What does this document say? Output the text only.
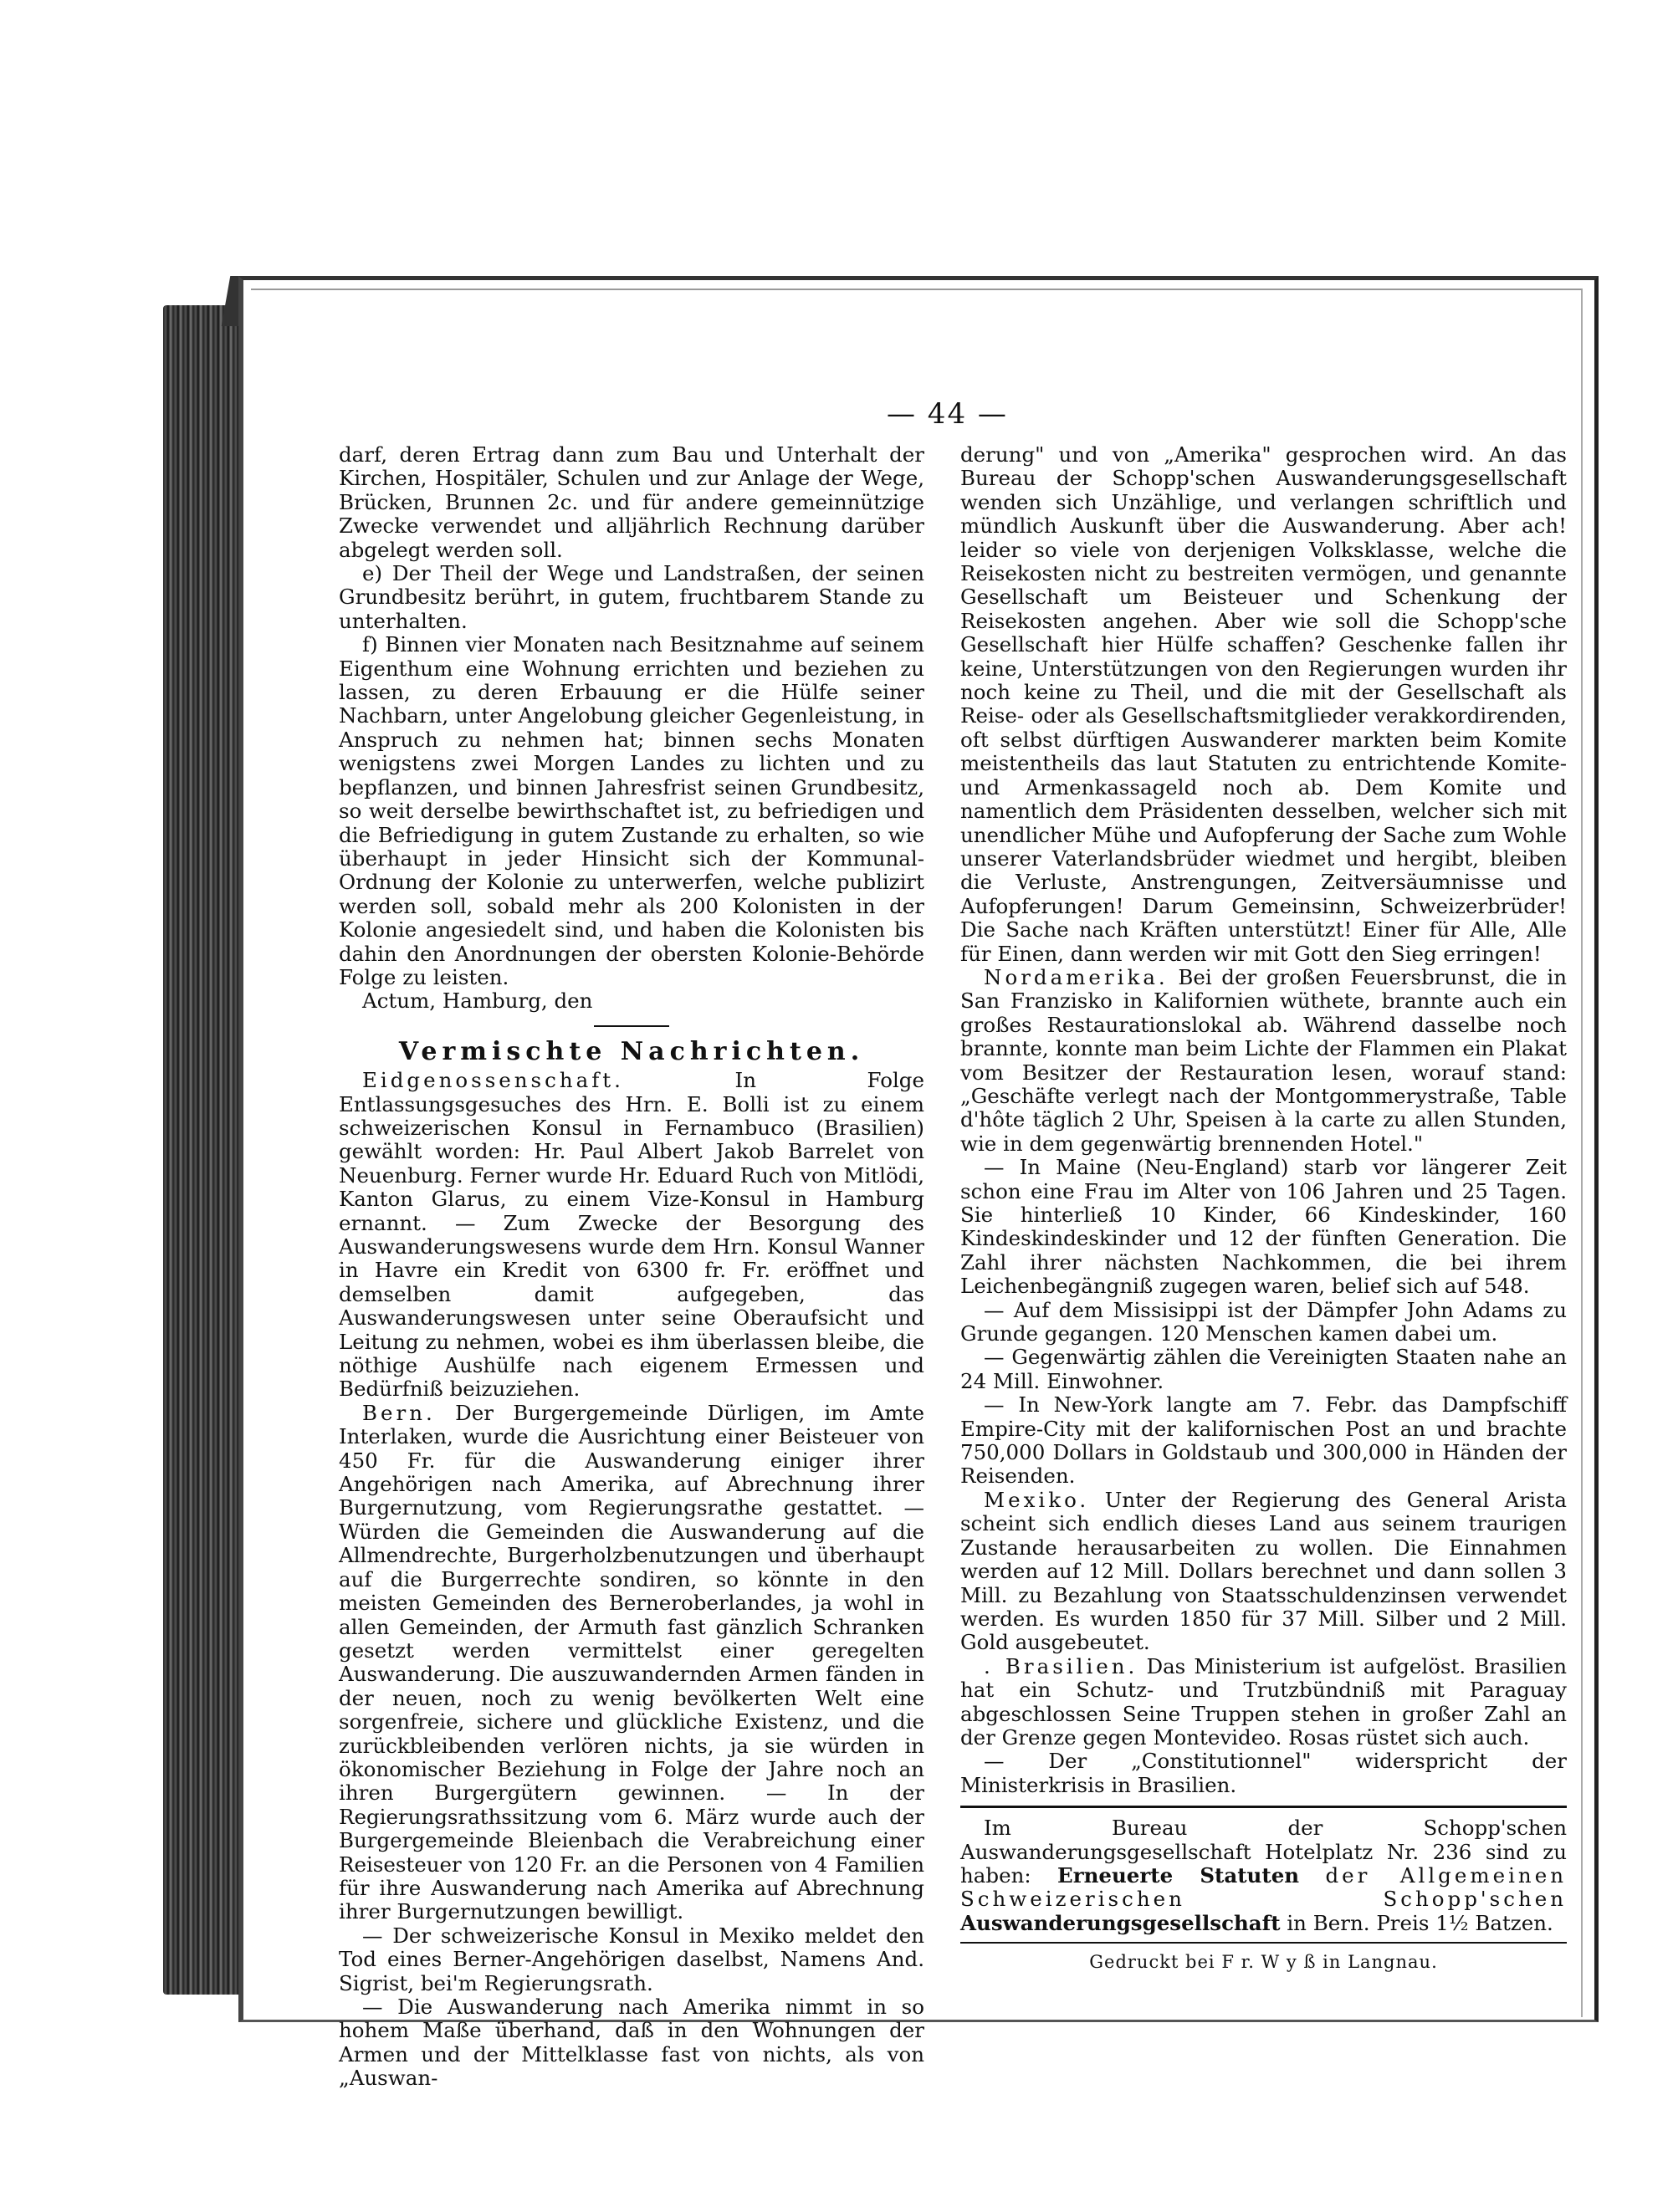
— 44 —

darf, deren Ertrag dann zum Bau und Unterhalt der Kirchen, Hospitäler, Schulen und zur Anlage der Wege, Brücken, Brunnen 2c. und für andere gemeinnützige Zwecke verwendet und alljährlich Rechnung darüber abgelegt werden soll.

e) Der Theil der Wege und Landstraßen, der seinen Grundbesitz berührt, in gutem, fruchtbarem Stande zu unterhalten.

f) Binnen vier Monaten nach Besitznahme auf seinem Eigenthum eine Wohnung errichten und beziehen zu lassen, zu deren Erbauung er die Hülfe seiner Nachbarn, unter Angelobung gleicher Gegenleistung, in Anspruch zu nehmen hat; binnen sechs Monaten wenigstens zwei Morgen Landes zu lichten und zu bepflanzen, und binnen Jahresfrist seinen Grundbesitz, so weit derselbe bewirthschaftet ist, zu befriedigen und die Befriedigung in gutem Zustande zu erhalten, so wie überhaupt in jeder Hinsicht sich der Kommunal-Ordnung der Kolonie zu unterwerfen, welche publizirt werden soll, sobald mehr als 200 Kolonisten in der Kolonie angesiedelt sind, und haben die Kolonisten bis dahin den Anordnungen der obersten Kolonie-Behörde Folge zu leisten.

Actum, Hamburg, den

Vermischte Nachrichten.

Eidgenossenschaft.	In Folge Entlassungsgesuches des Hrn. E. Bolli ist zu einem schweizerischen Konsul in Fernambuco (Brasilien) gewählt worden: Hr. Paul Albert Jakob Barrelet von Neuenburg. Ferner wurde Hr. Eduard Ruch von Mitlödi, Kanton Glarus, zu einem Vize-Konsul in Hamburg ernannt. — Zum Zwecke der Besorgung des Auswanderungswesens wurde dem Hrn. Konsul Wanner in Havre ein Kredit von 6300 fr. Fr. eröffnet und demselben damit aufgegeben, das Auswanderungswesen unter seine Oberaufsicht und Leitung zu nehmen, wobei es ihm überlassen bleibe, die nöthige Aushülfe nach eigenem Ermessen und Bedürfniß beizuziehen.

Bern. Der Burgergemeinde Dürligen, im Amte Interlaken, wurde die Ausrichtung einer Beisteuer von 450 Fr. für die Auswanderung einiger ihrer Angehörigen nach Amerika, auf Abrechnung ihrer Burgernutzung, vom Regierungsrathe gestattet. — Würden die Gemeinden die Auswanderung auf die Allmendrechte, Burgerholzbenutzungen und überhaupt auf die Burgerrechte sondiren, so könnte in den meisten Gemeinden des Berneroberlandes, ja wohl in allen Gemeinden, der Armuth fast gänzlich Schranken gesetzt werden vermittelst einer geregelten Auswanderung. Die auszuwandernden Armen fänden in der neuen, noch zu wenig bevölkerten Welt eine sorgenfreie, sichere und glückliche Existenz, und die zurückbleibenden verlören nichts, ja sie würden in ökonomischer Beziehung in Folge der Jahre noch an ihren Burgergütern gewinnen. — In der Regierungsrathssitzung vom 6. März wurde auch der Burgergemeinde Bleienbach die Verabreichung einer Reisesteuer von 120 Fr. an die Personen von 4 Familien für ihre Auswanderung nach Amerika auf Abrechnung ihrer Burgernutzungen bewilligt.

— Der schweizerische Konsul in Mexiko meldet den Tod eines Berner-Angehörigen daselbst, Namens And. Sigrist, bei'm Regierungsrath.

— Die Auswanderung nach Amerika nimmt in so hohem Maße überhand, daß in den Wohnungen der Armen und der Mittelklasse fast von nichts, als von „Auswan-

derung" und von „Amerika" gesprochen wird. An das Bureau der Schopp'schen Auswanderungsgesellschaft wenden sich Unzählige, und verlangen schriftlich und mündlich Auskunft über die Auswanderung. Aber ach! leider so viele von derjenigen Volksklasse, welche die Reisekosten nicht zu bestreiten vermögen, und genannte Gesellschaft um Beisteuer und Schenkung der Reisekosten angehen. Aber wie soll die Schopp'sche Gesellschaft hier Hülfe schaffen? Geschenke fallen ihr keine, Unterstützungen von den Regierungen wurden ihr noch keine zu Theil, und die mit der Gesellschaft als Reise- oder als Gesellschaftsmitglieder verakkordirenden, oft selbst dürftigen Auswanderer markten beim Komite meistentheils das laut Statuten zu entrichtende Komite- und Armenkassageld noch ab. Dem Komite und namentlich dem Präsidenten desselben, welcher sich mit unendlicher Mühe und Aufopferung der Sache zum Wohle unserer Vaterlandsbrüder wiedmet und hergibt, bleiben die Verluste, Anstrengungen, Zeitversäumnisse und Aufopferungen! Darum Gemeinsinn, Schweizerbrüder! Die Sache nach Kräften unterstützt! Einer für Alle, Alle für Einen, dann werden wir mit Gott den Sieg erringen!

Nordamerika. Bei der großen Feuersbrunst, die in San Franzisko in Kalifornien wüthete, brannte auch ein großes Restaurationslokal ab. Während dasselbe noch brannte, konnte man beim Lichte der Flammen ein Plakat vom Besitzer der Restauration lesen, worauf stand: „Geschäfte verlegt nach der Montgommerystraße, Table d'hôte täglich 2 Uhr, Speisen à la carte zu allen Stunden, wie in dem gegenwärtig brennenden Hotel."

— In Maine (Neu-England) starb vor längerer Zeit schon eine Frau im Alter von 106 Jahren und 25 Tagen. Sie hinterließ 10 Kinder, 66 Kindeskinder, 160 Kindeskindeskinder und 12 der fünften Generation. Die Zahl ihrer nächsten Nachkommen, die bei ihrem Leichenbegängniß zugegen waren, belief sich auf 548.

— Auf dem Missisippi ist der Dämpfer John Adams zu Grunde gegangen. 120 Menschen kamen dabei um.

— Gegenwärtig zählen die Vereinigten Staaten nahe an 24 Mill. Einwohner.

— In New-York langte am 7. Febr. das Dampfschiff Empire-City mit der kalifornischen Post an und brachte 750,000 Dollars in Goldstaub und 300,000 in Händen der Reisenden.

Mexiko. Unter der Regierung des General Arista scheint sich endlich dieses Land aus seinem traurigen Zustande herausarbeiten zu wollen. Die Einnahmen werden auf 12 Mill. Dollars berechnet und dann sollen 3 Mill. zu Bezahlung von Staatsschuldenzinsen verwendet werden. Es wurden 1850 für 37 Mill. Silber und 2 Mill. Gold ausgebeutet.

. Brasilien. Das Ministerium ist aufgelöst. Brasilien hat ein Schutz- und Trutzbündniß mit Paraguay abgeschlossen Seine Truppen stehen in großer Zahl an der Grenze gegen Montevideo. Rosas rüstet sich auch.

— Der „Constitutionnel" widerspricht der Ministerkrisis in Brasilien.

Im Bureau der Schopp'schen Auswanderungsgesellschaft Hotelplatz Nr. 236 sind zu haben: Erneuerte Statuten der Allgemeinen Schweizerischen Schopp'schen Auswanderungsgesellschaft in Bern. Preis 1½ Batzen.

Gedruckt bei F r. W y ß in Langnau.
